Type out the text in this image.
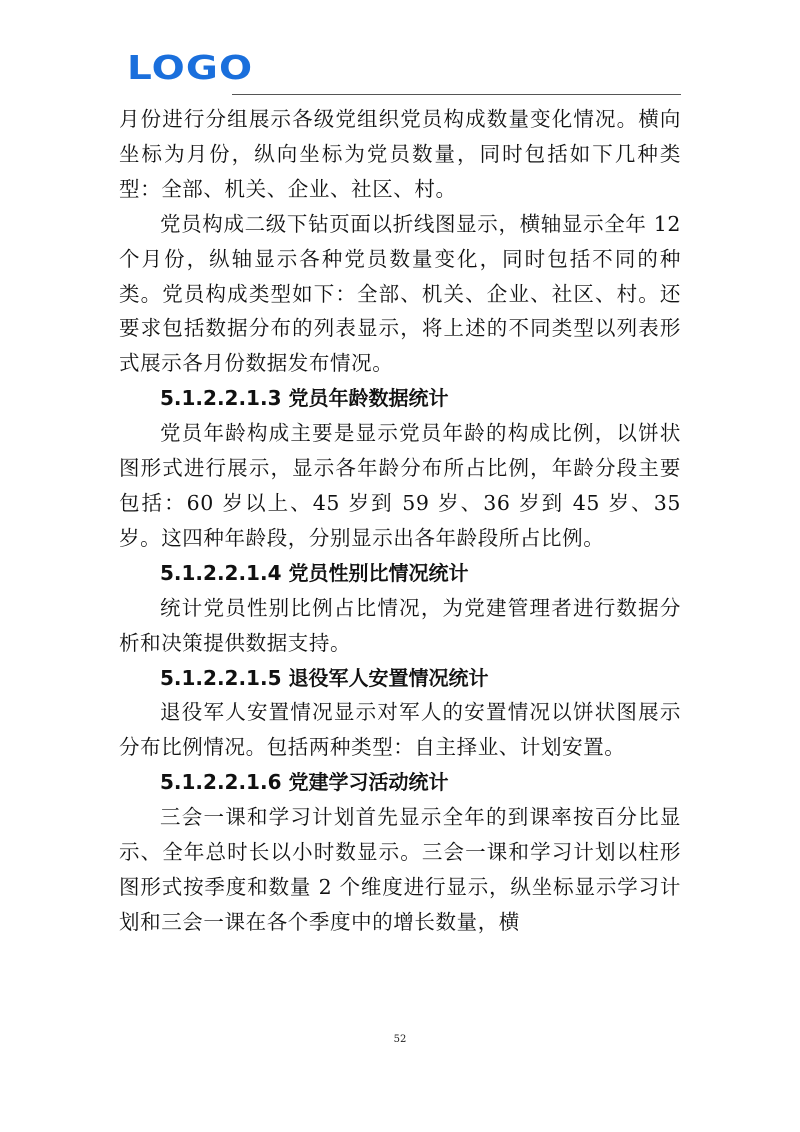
LOGO

月份进行分组展示各级党组织党员构成数量变化情况。横向坐标为月份，纵向坐标为党员数量，同时包括如下几种类型：全部、机关、企业、社区、村。

党员构成二级下钻页面以折线图显示，横轴显示全年 12 个月份，纵轴显示各种党员数量变化，同时包括不同的种类。党员构成类型如下：全部、机关、企业、社区、村。还要求包括数据分布的列表显示，将上述的不同类型以列表形式展示各月份数据发布情况。

5.1.2.2.1.3 党员年龄数据统计

党员年龄构成主要是显示党员年龄的构成比例，以饼状图形式进行展示，显示各年龄分布所占比例，年龄分段主要包括：60 岁以上、45 岁到 59 岁、36 岁到 45 岁、35 岁。这四种年龄段，分别显示出各年龄段所占比例。

5.1.2.2.1.4 党员性别比情况统计

统计党员性别比例占比情况，为党建管理者进行数据分析和决策提供数据支持。

5.1.2.2.1.5 退役军人安置情况统计

退役军人安置情况显示对军人的安置情况以饼状图展示分布比例情况。包括两种类型：自主择业、计划安置。

5.1.2.2.1.6 党建学习活动统计

三会一课和学习计划首先显示全年的到课率按百分比显示、全年总时长以小时数显示。三会一课和学习计划以柱形图形式按季度和数量 2 个维度进行显示，纵坐标显示学习计划和三会一课在各个季度中的增长数量，横

52
